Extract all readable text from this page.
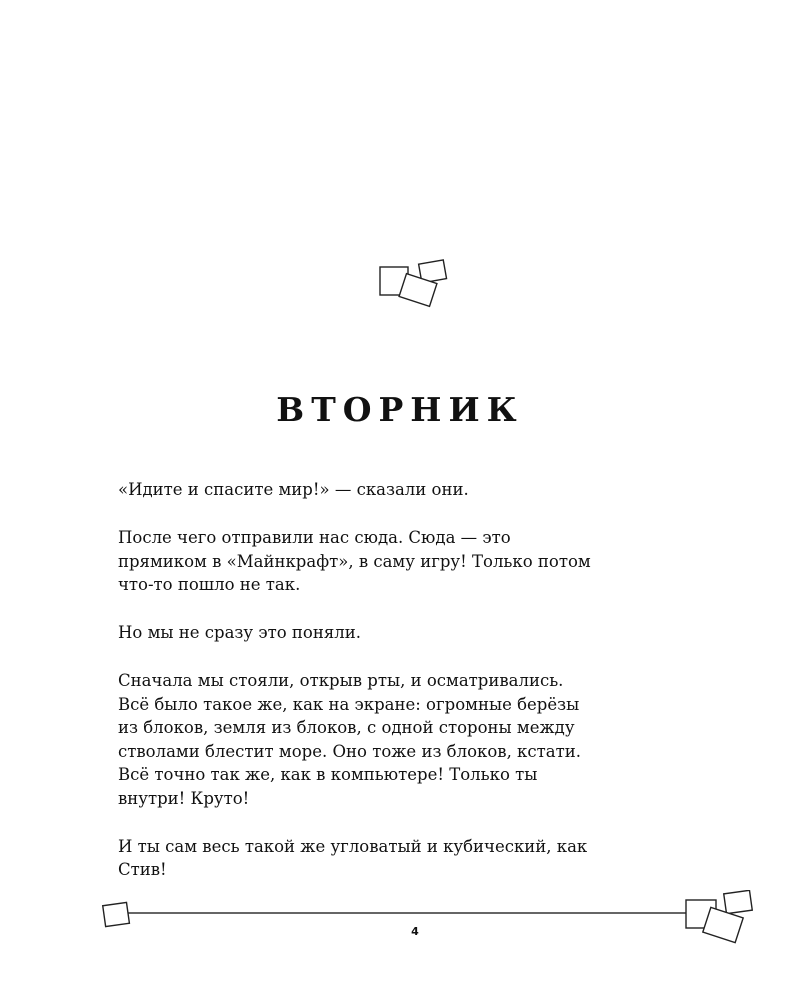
ВТОРНИК

«Идите и спасите мир!» — сказали они.

После чего отправили нас сюда. Сюда — это
прямиком в «Майнкрафт», в саму игру! Только потом
что-то пошло не так.

Но мы не сразу это поняли.

Сначала мы стояли, открыв рты, и осматривались.
Всё было такое же, как на экране: огромные берёзы
из блоков, земля из блоков, с одной стороны между
стволами блестит море. Оно тоже из блоков, кстати.
Всё точно так же, как в компьютере! Только ты
внутри! Круто!

И ты сам весь такой же угловатый и кубический, как
Стив!

4
